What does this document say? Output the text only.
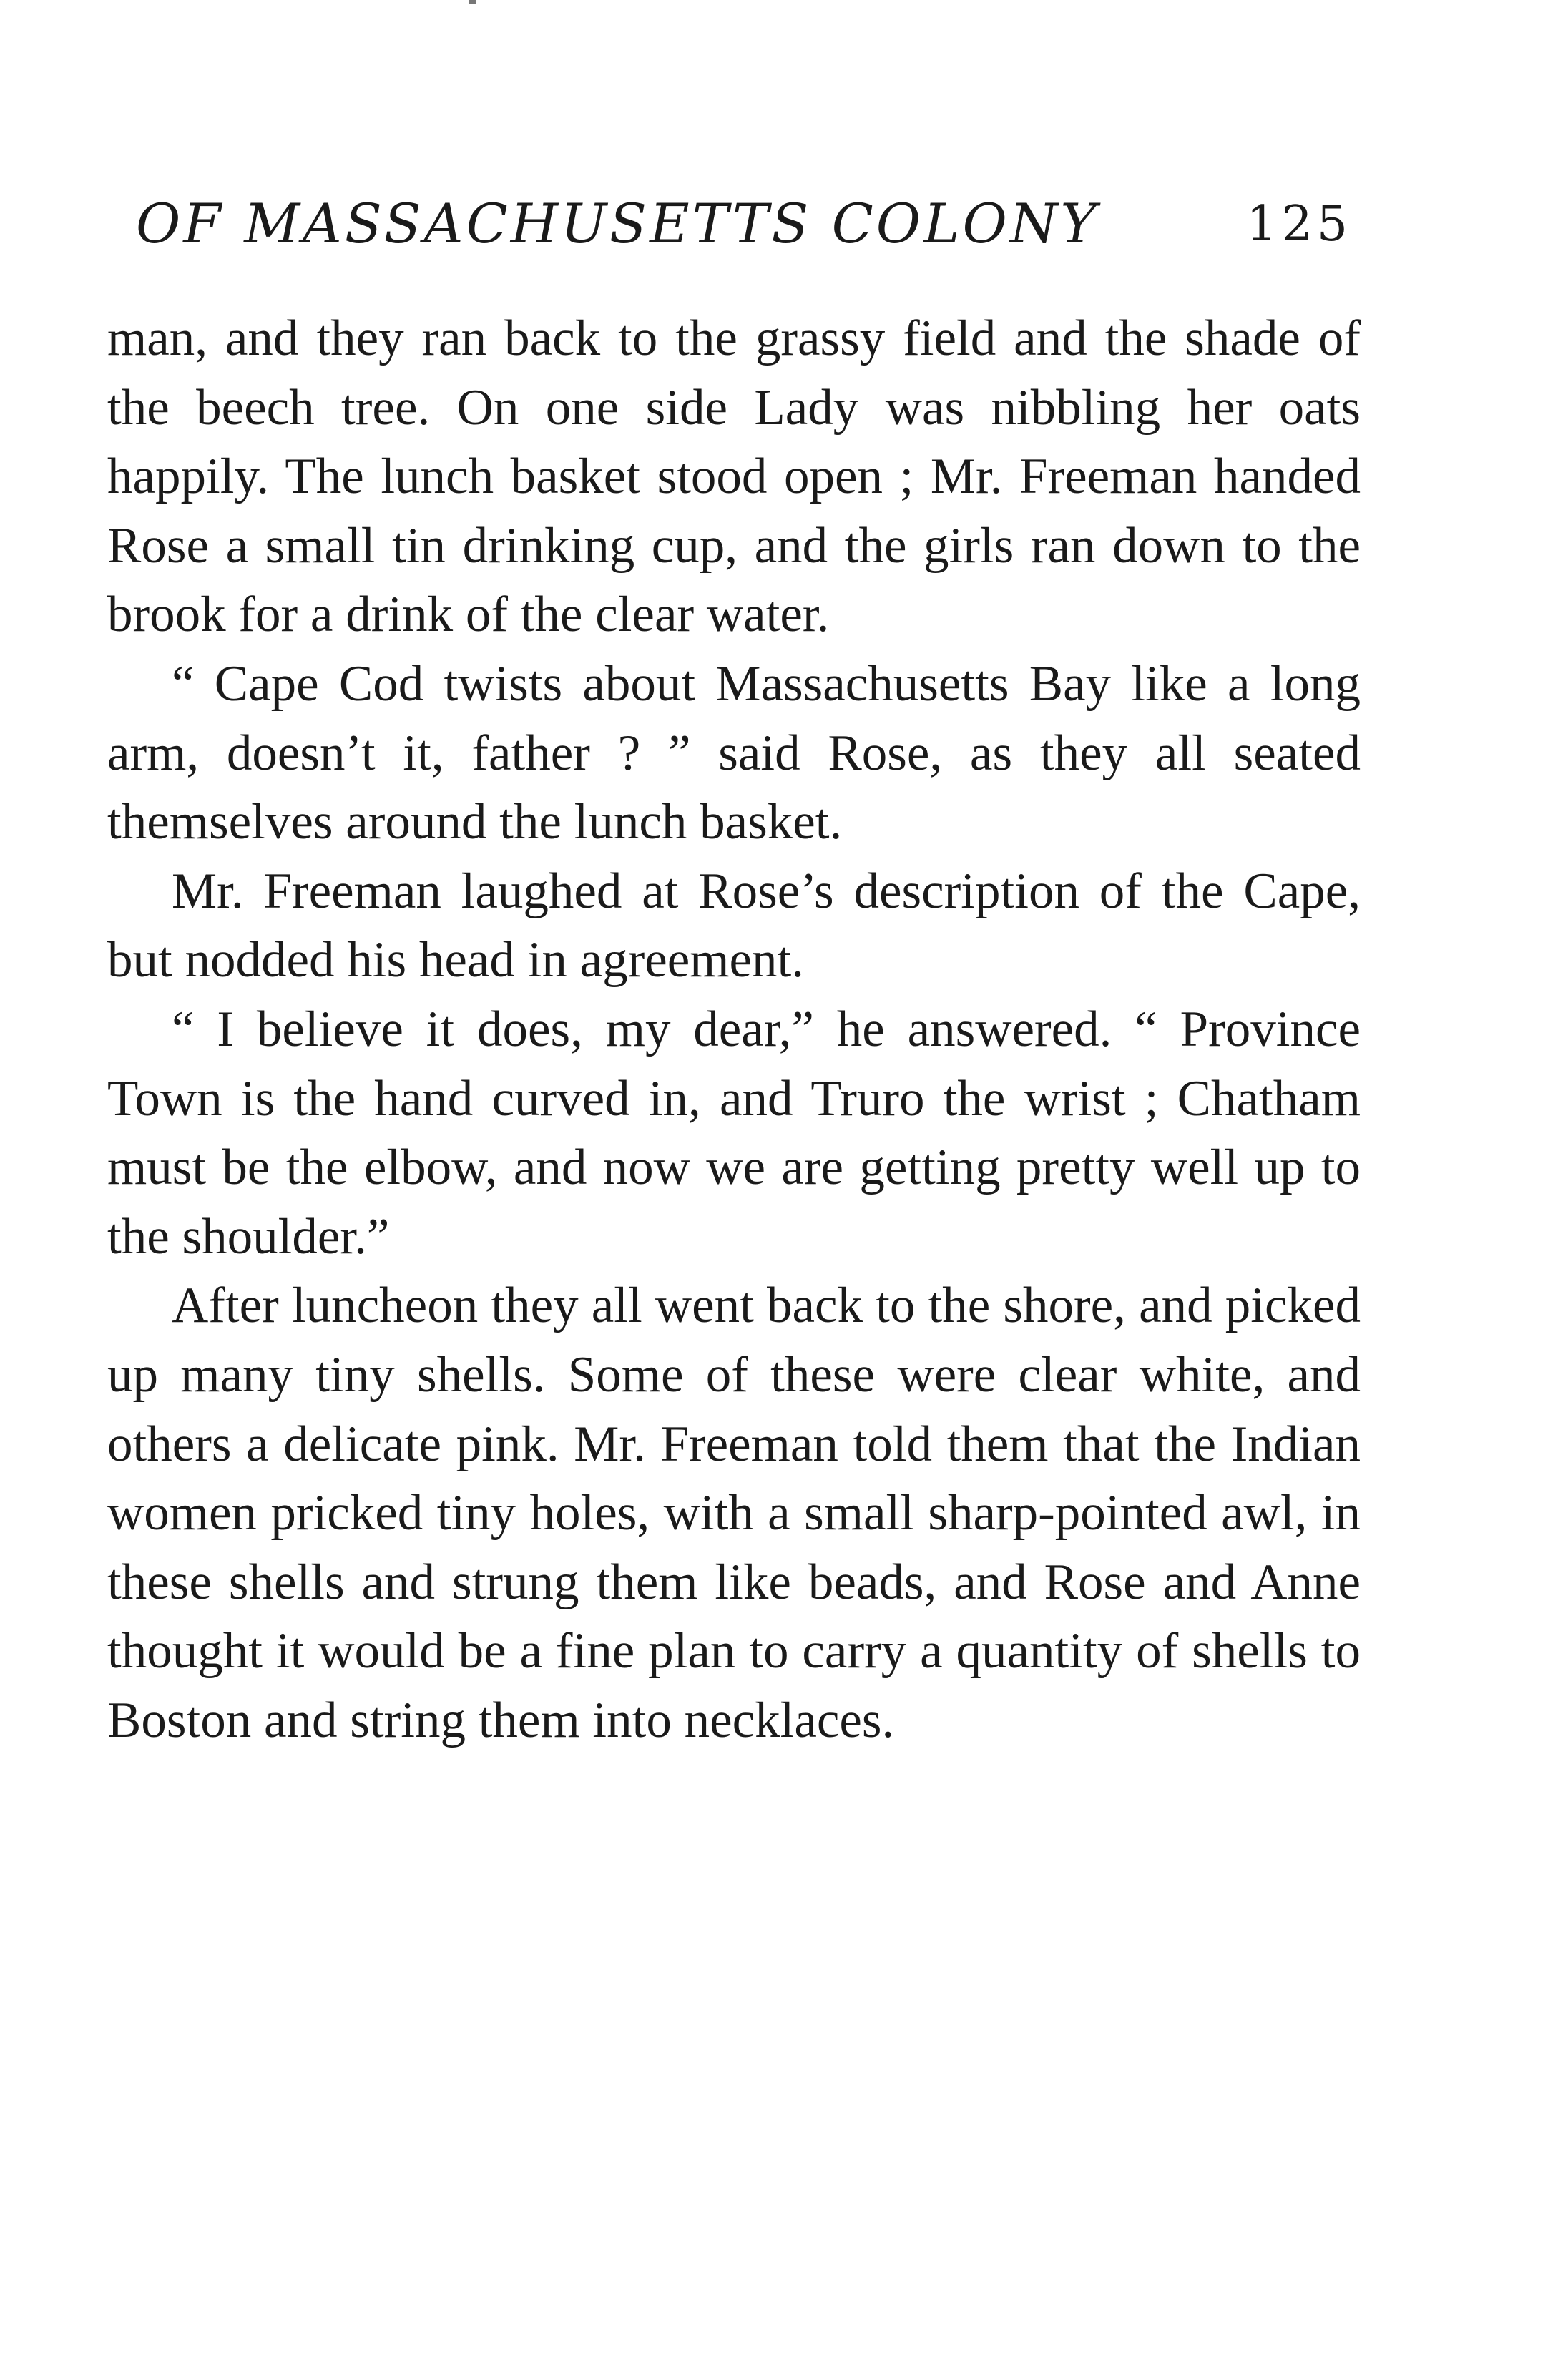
OF MASSACHUSETTS COLONY	125

man, and they ran back to the grassy field and the shade of the beech tree. On one side Lady was nibbling her oats happily. The lunch basket stood open ; Mr. Freeman handed Rose a small tin drinking cup, and the girls ran down to the brook for a drink of the clear water.

“ Cape Cod twists about Massachusetts Bay like a long arm, doesn’t it, father ? ” said Rose, as they all seated themselves around the lunch basket.

Mr. Freeman laughed at Rose’s description of the Cape, but nodded his head in agreement.

“ I believe it does, my dear,” he answered. “ Province Town is the hand curved in, and Truro the wrist ; Chatham must be the elbow, and now we are getting pretty well up to the shoulder.”

After luncheon they all went back to the shore, and picked up many tiny shells. Some of these were clear white, and others a delicate pink. Mr. Freeman told them that the Indian women pricked tiny holes, with a small sharp-pointed awl, in these shells and strung them like beads, and Rose and Anne thought it would be a fine plan to carry a quantity of shells to Boston and string them into necklaces.
